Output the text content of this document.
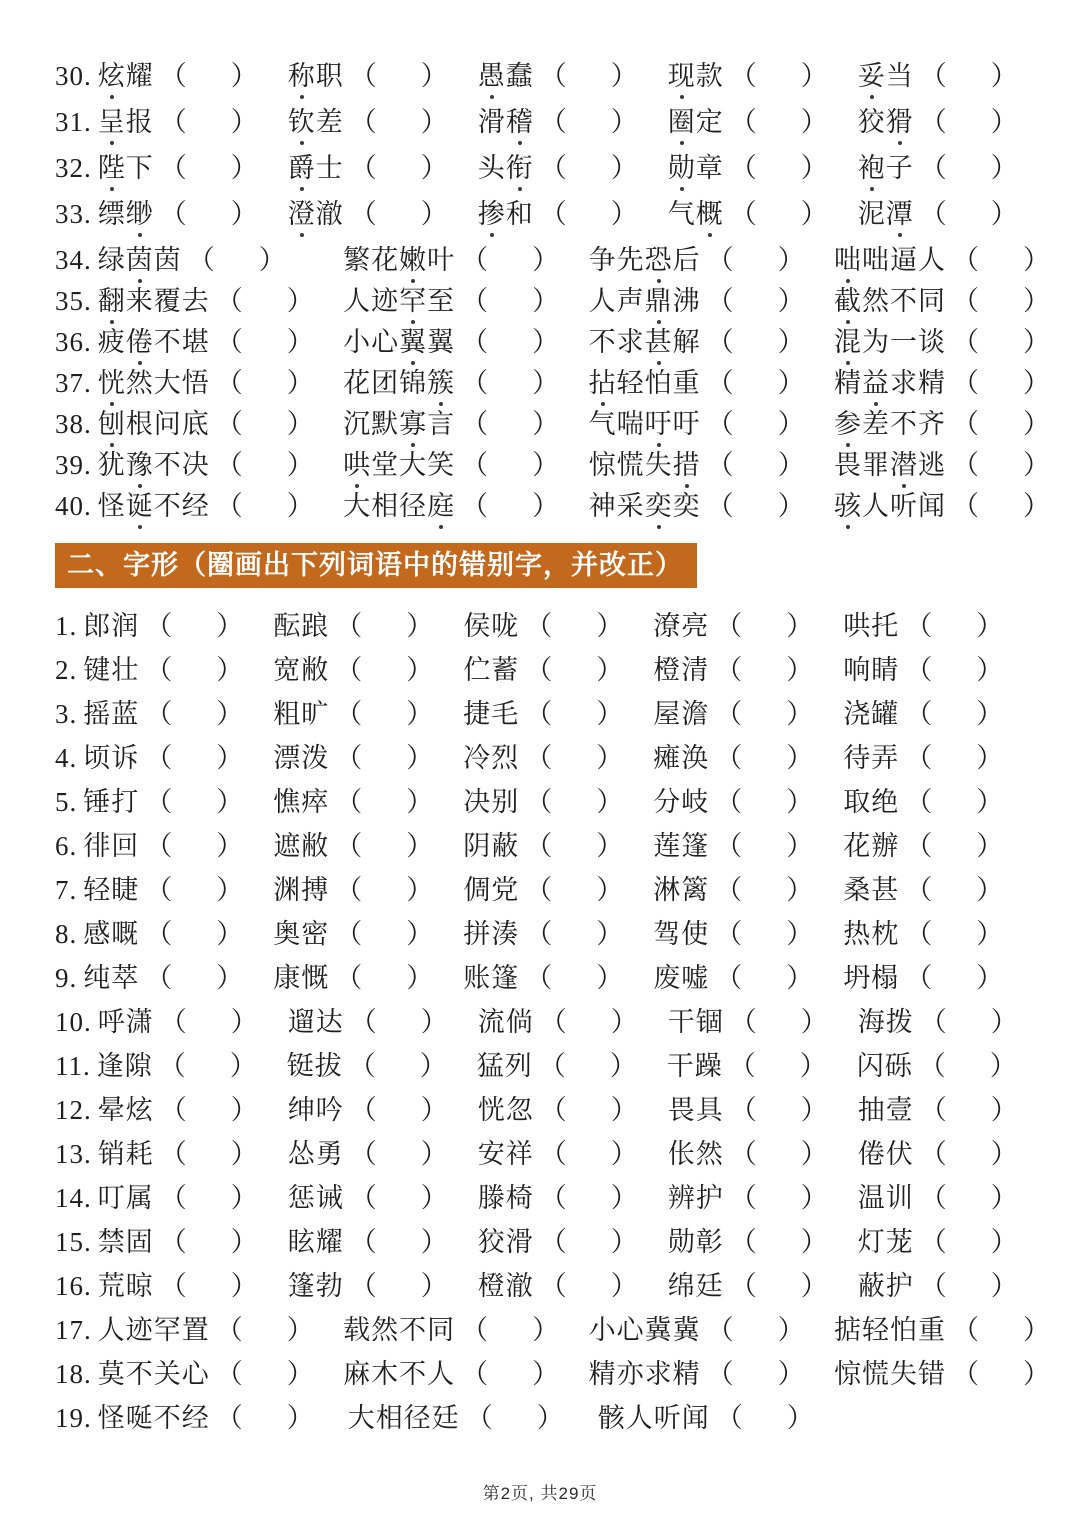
30. 炫耀 （ ） 称职 （ ） 愚蠢 （ ） 现款 （ ） 妥当 （ ）
31. 呈报 （ ） 钦差 （ ） 滑稽 （ ） 圈定 （ ） 狡猾 （ ）
32. 陛下 （ ） 爵士 （ ） 头衔 （ ） 勋章 （ ） 袍子 （ ）
33. 缥缈 （ ） 澄澈 （ ） 掺和 （ ） 气概 （ ） 泥潭 （ ）
34. 绿茵茵 （ ） 繁花嫩叶 （ ） 争先恐后 （ ） 咄咄逼人 （ ）
35. 翻来覆去 （ ） 人迹罕至 （ ） 人声鼎沸 （ ） 截然不同 （ ）
36. 疲倦不堪 （ ） 小心翼翼 （ ） 不求甚解 （ ） 混为一谈 （ ）
37. 恍然大悟 （ ） 花团锦簇 （ ） 拈轻怕重 （ ） 精益求精 （ ）
38. 刨根问底 （ ） 沉默寡言 （ ） 气喘吁吁 （ ） 参差不齐 （ ）
39. 犹豫不决 （ ） 哄堂大笑 （ ） 惊慌失措 （ ） 畏罪潜逃 （ ）
40. 怪诞不经 （ ） 大相径庭 （ ） 神采奕奕 （ ） 骇人听闻 （ ）
二、字形（圈画出下列词语中的错别字，并改正）
1. 郎润 （ ） 酝踉 （ ） 侯咙 （ ） 潦亮 （ ） 哄托 （ ）
2. 键壮 （ ） 宽敝 （ ） 伫蓄 （ ） 橙清 （ ） 响睛 （ ）
3. 摇蓝 （ ） 粗旷 （ ） 捷毛 （ ） 屋澹 （ ） 浇罐 （ ）
4. 顷诉 （ ） 漂泼 （ ） 冷烈 （ ） 瘫涣 （ ） 待弄 （ ）
5. 锤打 （ ） 憔瘁 （ ） 决别 （ ） 分岐 （ ） 取绝 （ ）
6. 徘回 （ ） 遮敝 （ ） 阴蔽 （ ） 莲篷 （ ） 花辦 （ ）
7. 轻睫 （ ） 渊搏 （ ） 倜党 （ ） 淋篱 （ ） 桑甚 （ ）
8. 感嘅 （ ） 奥密 （ ） 拼湊 （ ） 驾使 （ ） 热枕 （ ）
9. 纯萃 （ ） 康慨 （ ） 账篷 （ ） 废嘘 （ ） 坍榻 （ ）
10. 呼潇 （ ） 遛达 （ ） 流倘 （ ） 干锢 （ ） 海拨 （ ）
11. 逢隙 （ ） 铤拔 （ ） 猛列 （ ） 干躁 （ ） 闪砾 （ ）
12. 晕炫 （ ） 绅吟 （ ） 恍忽 （ ） 畏具 （ ） 抽壹 （ ）
13. 销耗 （ ） 怂勇 （ ） 安祥 （ ） 伥然 （ ） 倦伏 （ ）
14. 叮属 （ ） 惩诫 （ ） 滕椅 （ ） 辨护 （ ） 温训 （ ）
15. 禁固 （ ） 眩耀 （ ） 狡滑 （ ） 勋彰 （ ） 灯茏 （ ）
16. 荒晾 （ ） 篷勃 （ ） 橙澈 （ ） 绵廷 （ ） 蔽护 （ ）
17. 人迹罕置 （ ） 载然不同 （ ） 小心冀冀 （ ） 掂轻怕重 （ ）
18. 莫不关心 （ ） 麻木不人 （ ） 精亦求精 （ ） 惊慌失错 （ ）
19. 怪唌不经 （ ） 大相径廷 （ ） 骸人听闻 （ ）
第2页, 共29页
